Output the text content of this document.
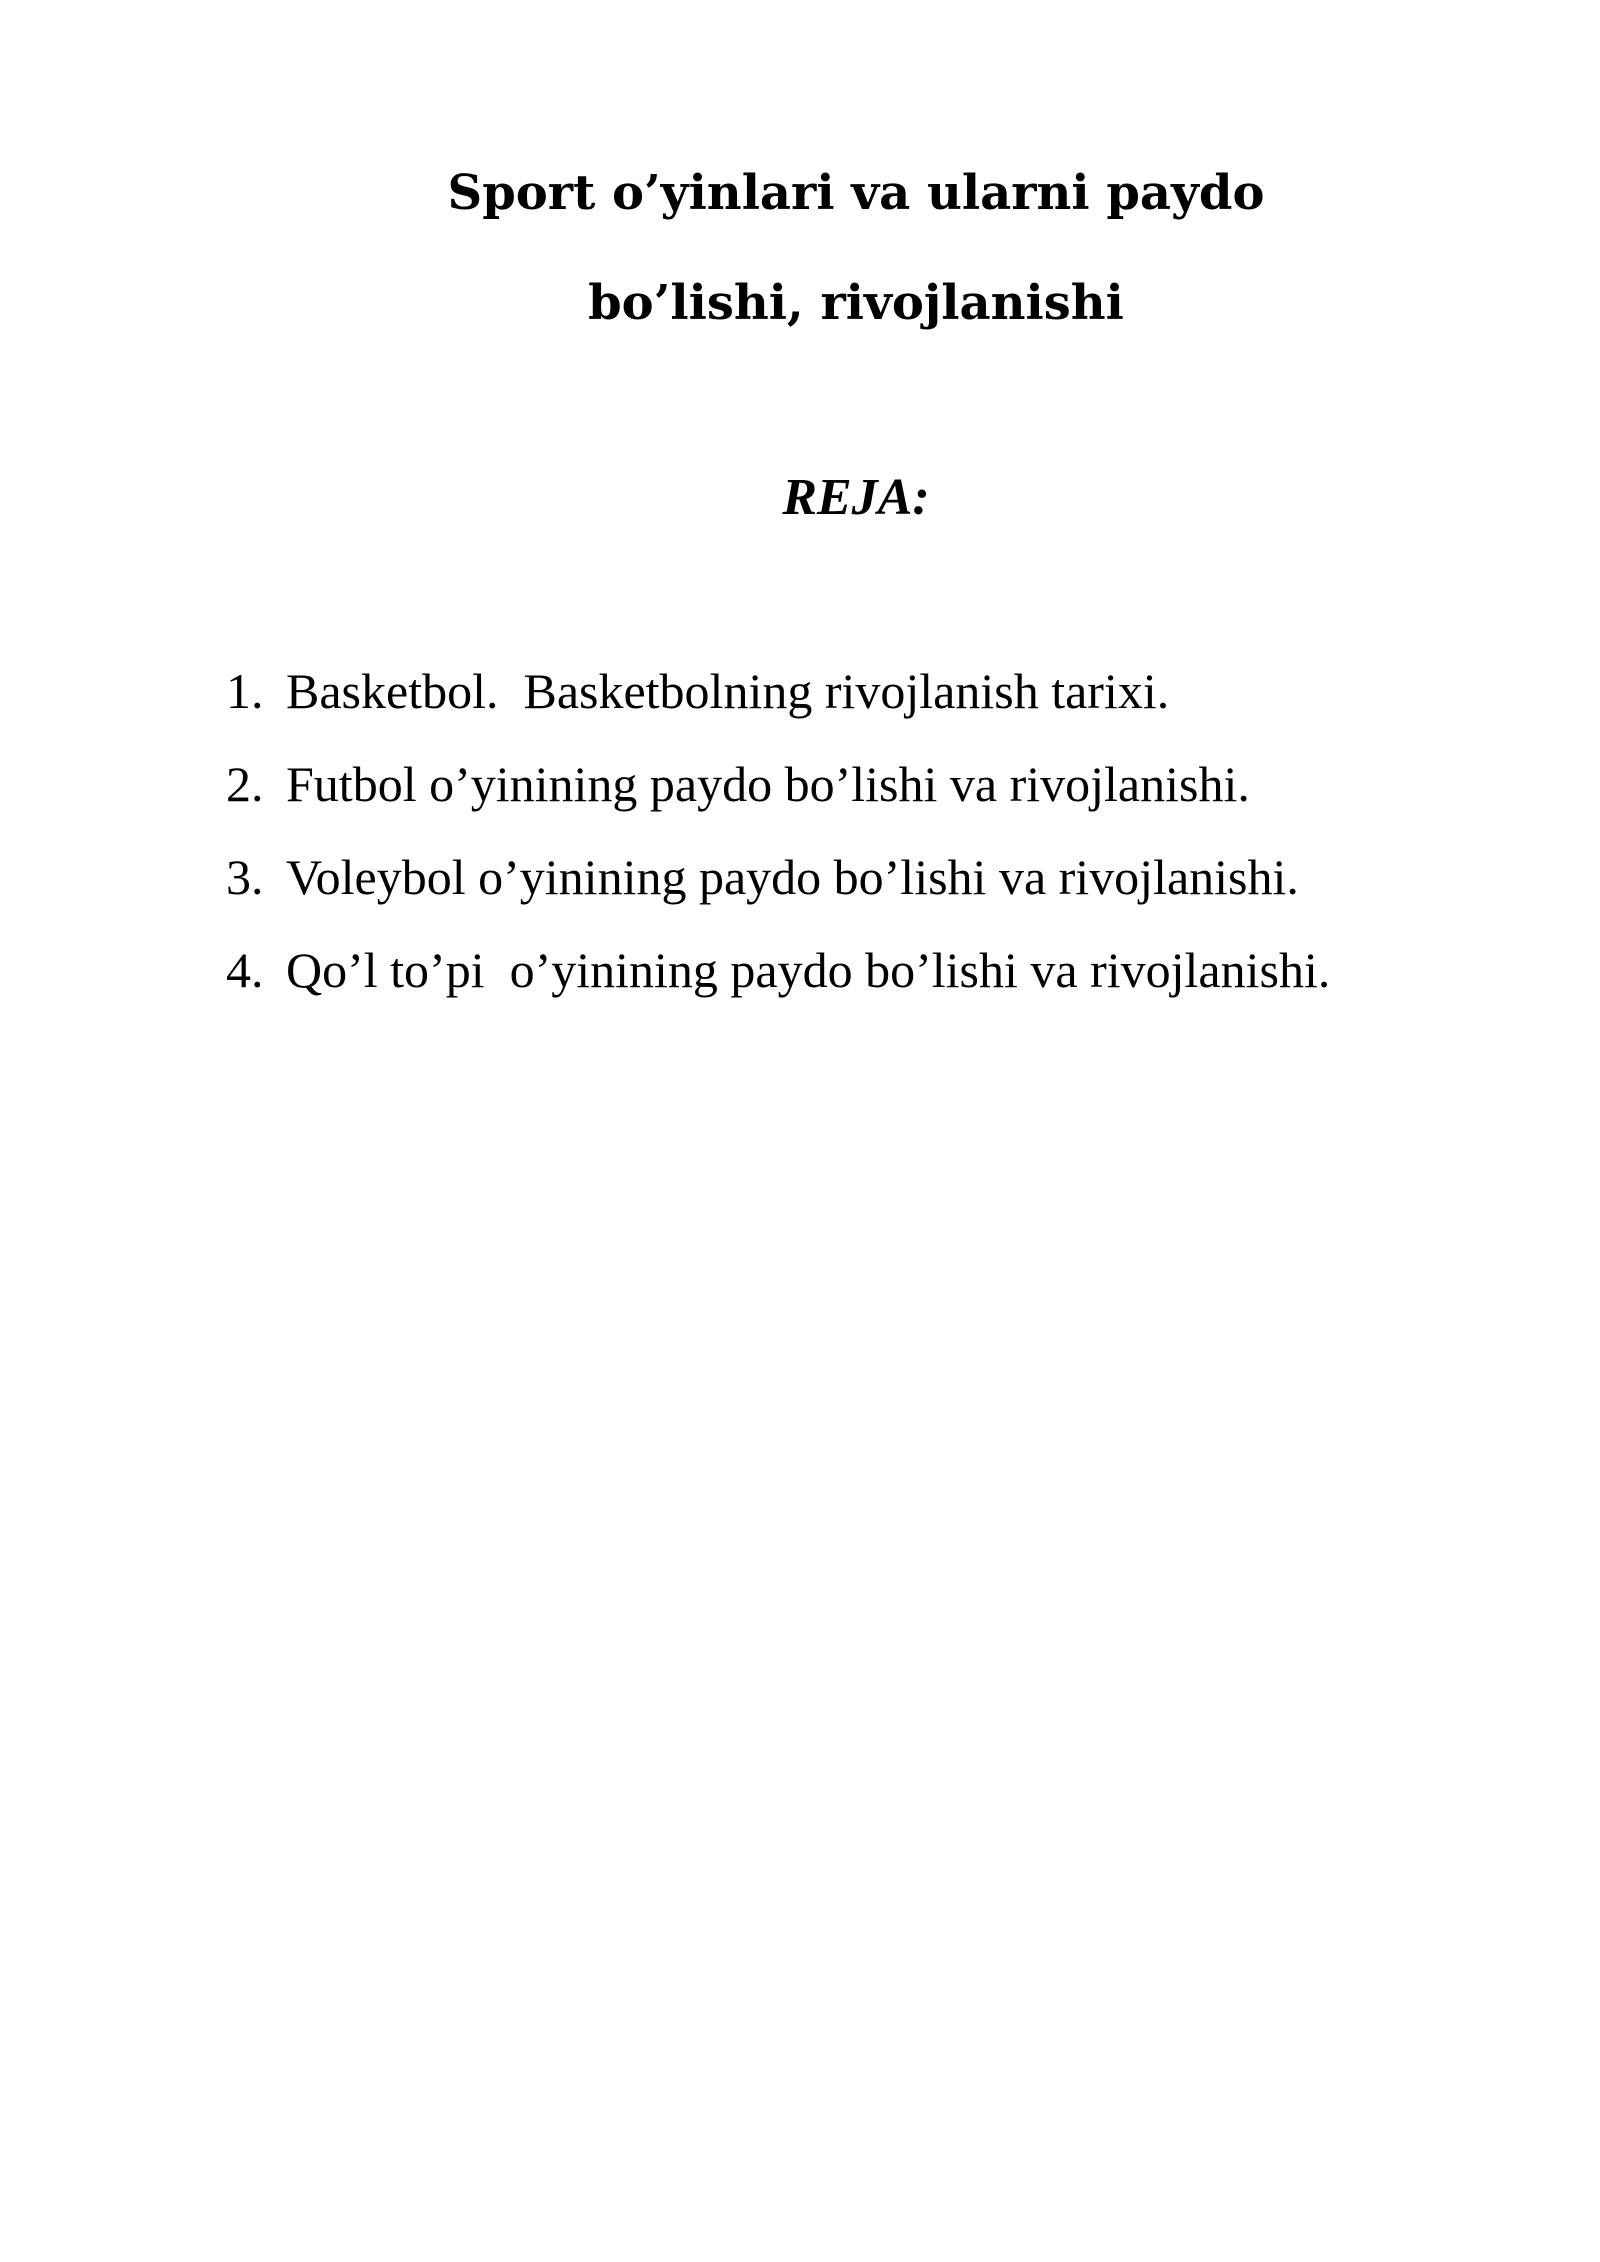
Sport o’yinlari va ularni paydo
bo’lishi, rivojlanishi
REJA:
1. Basketbol.  Basketbolning rivojlanish tarixi.
2. Futbol o’yinining paydo bo’lishi va rivojlanishi.
3. Voleybol o’yinining paydo bo’lishi va rivojlanishi.
4. Qo’l to’pi  o’yinining paydo bo’lishi va rivojlanishi.
